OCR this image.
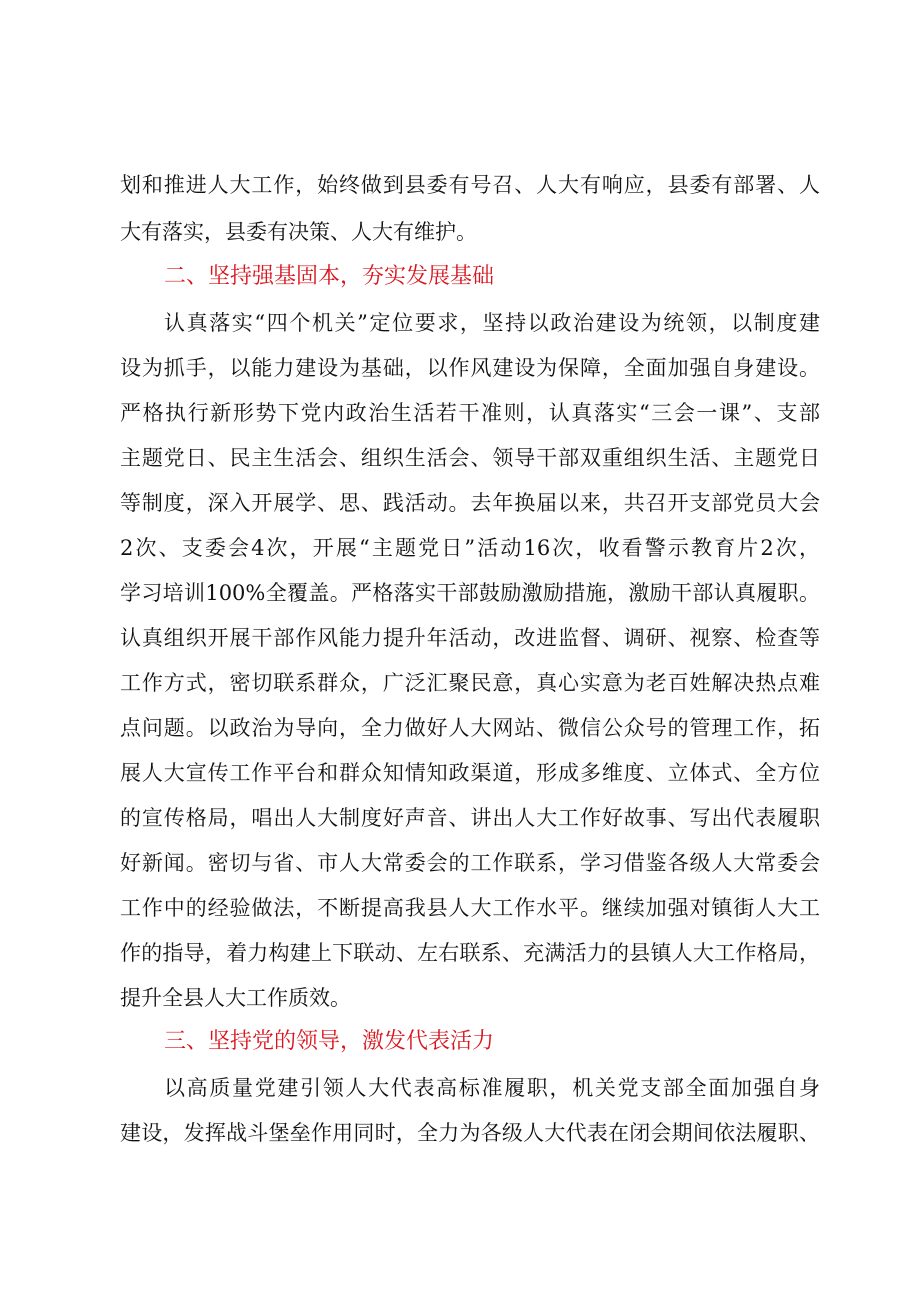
划和推进人大工作，始终做到县委有号召、人大有响应，县委有部署、人

大有落实，县委有决策、人大有维护。

二、坚持强基固本，夯实发展基础

认真落实“四个机关”定位要求，坚持以政治建设为统领，以制度建

设为抓手，以能力建设为基础，以作风建设为保障，全面加强自身建设。

严格执行新形势下党内政治生活若干准则，认真落实“三会一课”、支部

主题党日、民主生活会、组织生活会、领导干部双重组织生活、主题党日

等制度，深入开展学、思、践活动。去年换届以来，共召开支部党员大会

2次、支委会4次，开展“主题党日”活动16次，收看警示教育片2次，

学习培训100%全覆盖。严格落实干部鼓励激励措施，激励干部认真履职。

认真组织开展干部作风能力提升年活动，改进监督、调研、视察、检查等

工作方式，密切联系群众，广泛汇聚民意，真心实意为老百姓解决热点难

点问题。以政治为导向，全力做好人大网站、微信公众号的管理工作，拓

展人大宣传工作平台和群众知情知政渠道，形成多维度、立体式、全方位

的宣传格局，唱出人大制度好声音、讲出人大工作好故事、写出代表履职

好新闻。密切与省、市人大常委会的工作联系，学习借鉴各级人大常委会

工作中的经验做法，不断提高我县人大工作水平。继续加强对镇街人大工

作的指导，着力构建上下联动、左右联系、充满活力的县镇人大工作格局，

提升全县人大工作质效。

三、坚持党的领导，激发代表活力

以高质量党建引领人大代表高标准履职，机关党支部全面加强自身

建设，发挥战斗堡垒作用同时，全力为各级人大代表在闭会期间依法履职、
